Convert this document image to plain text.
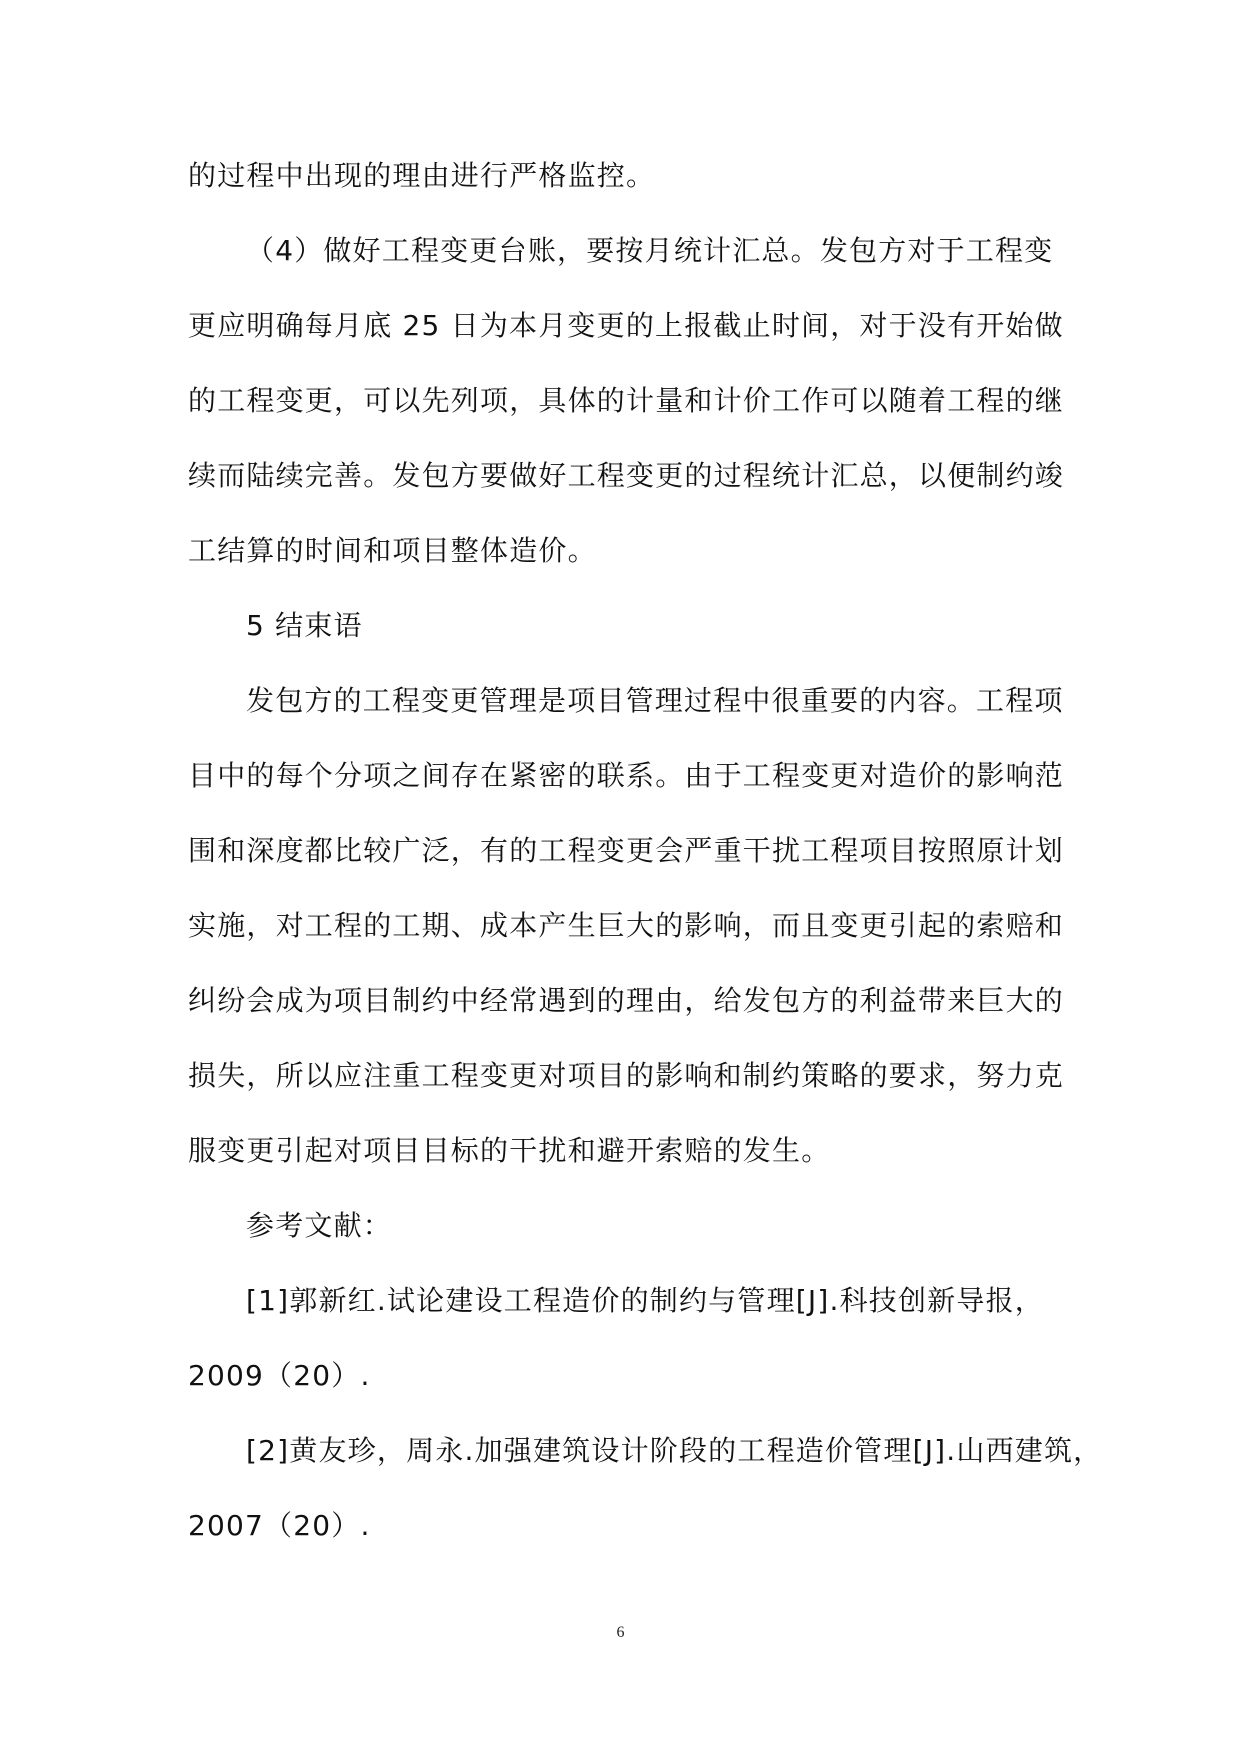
的过程中出现的理由进行严格监控。
（4）做好工程变更台账，要按月统计汇总。发包方对于工程变
更应明确每月底 25 日为本月变更的上报截止时间，对于没有开始做
的工程变更，可以先列项，具体的计量和计价工作可以随着工程的继
续而陆续完善。发包方要做好工程变更的过程统计汇总，以便制约竣
工结算的时间和项目整体造价。
5 结束语
发包方的工程变更管理是项目管理过程中很重要的内容。工程项
目中的每个分项之间存在紧密的联系。由于工程变更对造价的影响范
围和深度都比较广泛，有的工程变更会严重干扰工程项目按照原计划
实施，对工程的工期、成本产生巨大的影响，而且变更引起的索赔和
纠纷会成为项目制约中经常遇到的理由，给发包方的利益带来巨大的
损失，所以应注重工程变更对项目的影响和制约策略的要求，努力克
服变更引起对项目目标的干扰和避开索赔的发生。
参考文献：
[1]郭新红.试论建设工程造价的制约与管理[J].科技创新导报，
2009（20）.
[2]黄友珍，周永.加强建筑设计阶段的工程造价管理[J].山西建筑，
2007（20）.
6
